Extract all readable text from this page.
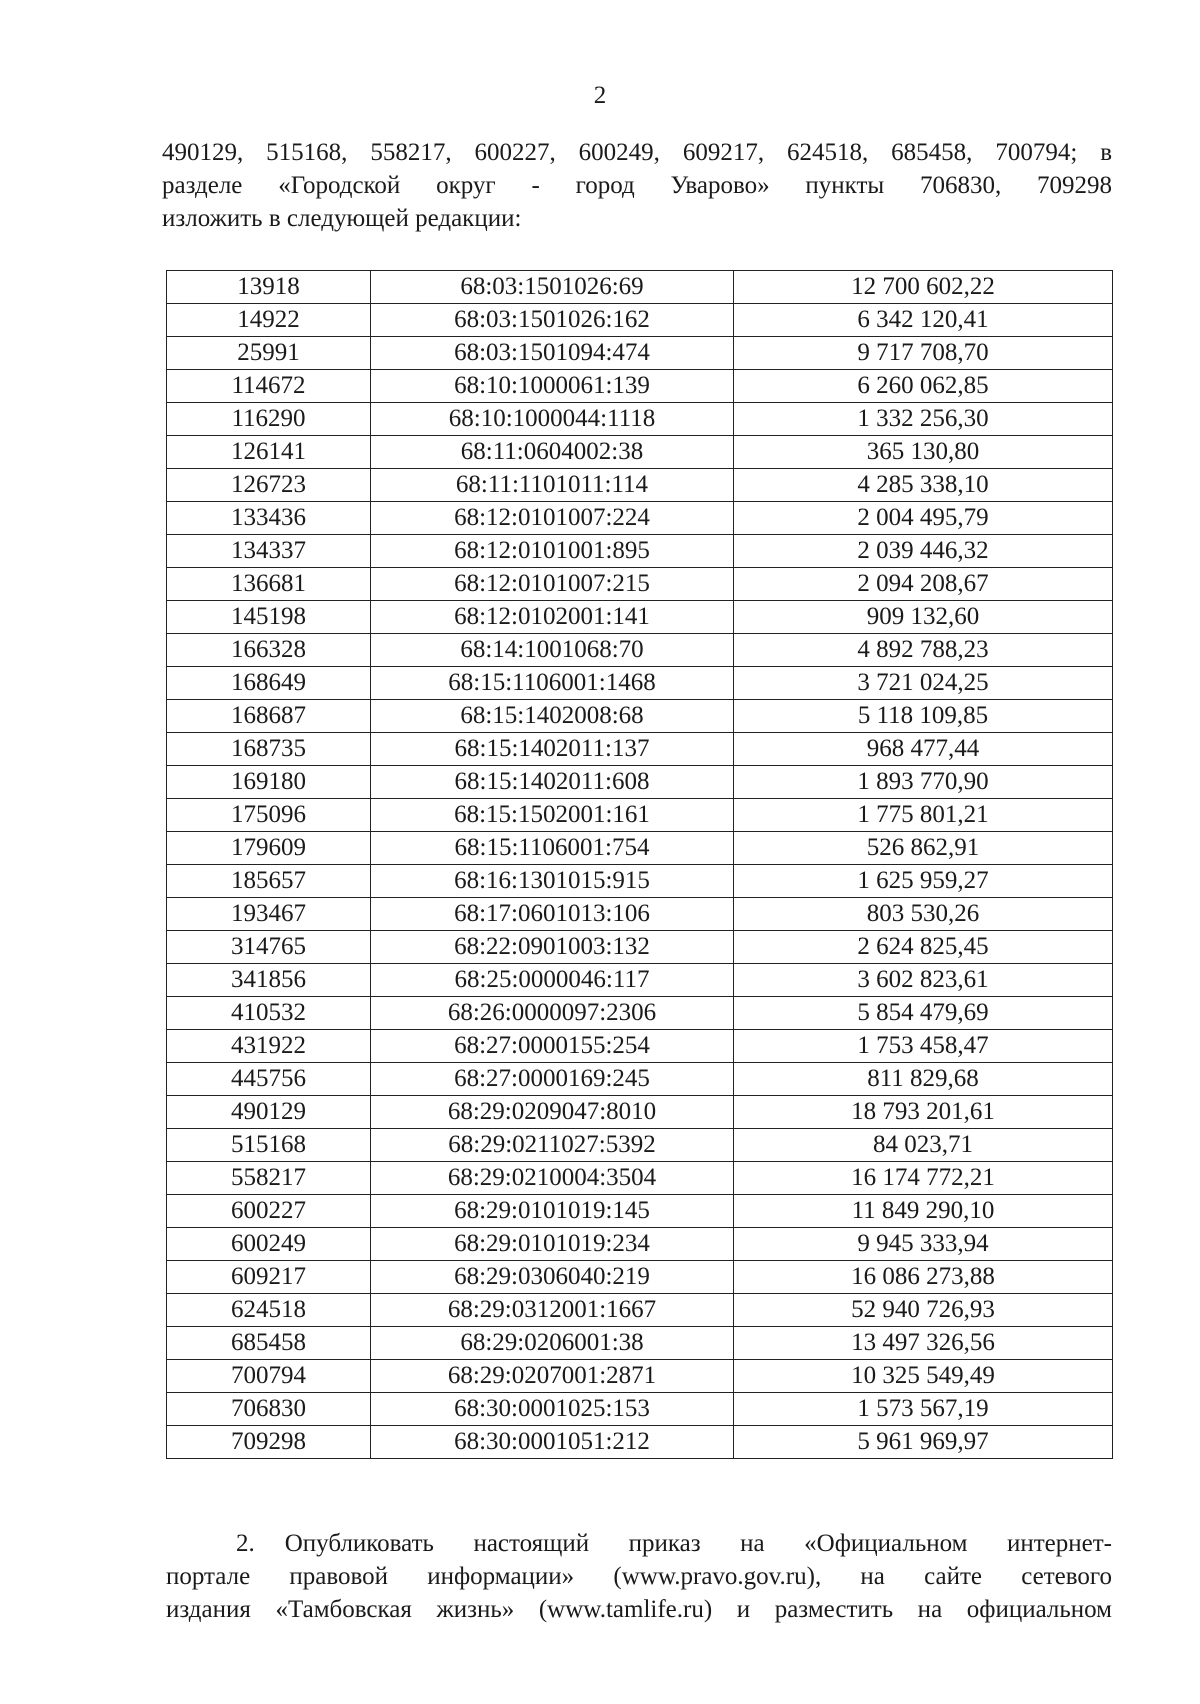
2

490129, 515168, 558217, 600227, 600249, 609217, 624518, 685458, 700794; в

разделе «Городской округ - город Уварово» пункты 706830, 709298

изложить в следующей редакции:

13918	68:03:1501026:69	12 700 602,22
14922	68:03:1501026:162	6 342 120,41
25991	68:03:1501094:474	9 717 708,70
114672	68:10:1000061:139	6 260 062,85
116290	68:10:1000044:1118	1 332 256,30
126141	68:11:0604002:38	365 130,80
126723	68:11:1101011:114	4 285 338,10
133436	68:12:0101007:224	2 004 495,79
134337	68:12:0101001:895	2 039 446,32
136681	68:12:0101007:215	2 094 208,67
145198	68:12:0102001:141	909 132,60
166328	68:14:1001068:70	4 892 788,23
168649	68:15:1106001:1468	3 721 024,25
168687	68:15:1402008:68	5 118 109,85
168735	68:15:1402011:137	968 477,44
169180	68:15:1402011:608	1 893 770,90
175096	68:15:1502001:161	1 775 801,21
179609	68:15:1106001:754	526 862,91
185657	68:16:1301015:915	1 625 959,27
193467	68:17:0601013:106	803 530,26
314765	68:22:0901003:132	2 624 825,45
341856	68:25:0000046:117	3 602 823,61
410532	68:26:0000097:2306	5 854 479,69
431922	68:27:0000155:254	1 753 458,47
445756	68:27:0000169:245	811 829,68
490129	68:29:0209047:8010	18 793 201,61
515168	68:29:0211027:5392	84 023,71
558217	68:29:0210004:3504	16 174 772,21
600227	68:29:0101019:145	11 849 290,10
600249	68:29:0101019:234	9 945 333,94
609217	68:29:0306040:219	16 086 273,88
624518	68:29:0312001:1667	52 940 726,93
685458	68:29:0206001:38	13 497 326,56
700794	68:29:0207001:2871	10 325 549,49
706830	68:30:0001025:153	1 573 567,19
709298	68:30:0001051:212	5 961 969,97

2. Опубликовать настоящий приказ на «Официальном интернет-

портале правовой информации» (www.pravo.gov.ru), на сайте сетевого

издания «Тамбовская жизнь» (www.tamlife.ru) и разместить на официальном
